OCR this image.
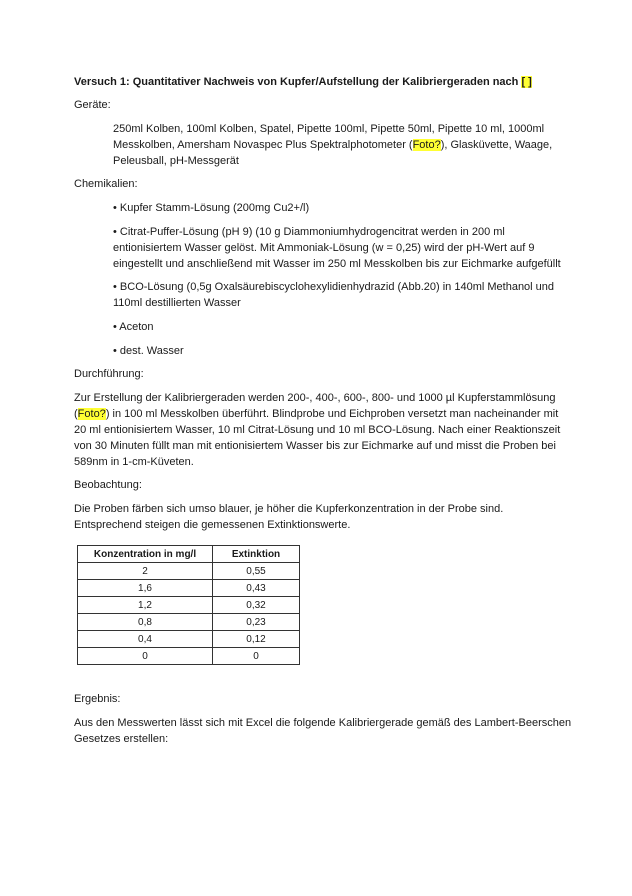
Versuch 1: Quantitativer Nachweis von Kupfer/Aufstellung der Kalibriergeraden nach [ ]
Geräte:
250ml Kolben, 100ml Kolben, Spatel, Pipette 100ml, Pipette 50ml, Pipette 10 ml, 1000ml
Messkolben, Amersham Novaspec Plus Spektralphotometer (Foto?), Glasküvette, Waage,
Peleusball, pH-Messgerät
Chemikalien:
• Kupfer Stamm-Lösung (200mg Cu2+/l)
• Citrat-Puffer-Lösung (pH 9) (10 g Diammoniumhydrogencitrat werden in 200 ml
entionisiertem Wasser gelöst. Mit Ammoniak-Lösung (w = 0,25) wird der pH-Wert auf 9
eingestellt und anschließend mit Wasser im 250 ml Messkolben bis zur Eichmarke aufgefüllt
• BCO-Lösung (0,5g Oxalsäurebiscyclohexylidienhydrazid (Abb.20) in 140ml Methanol und
110ml destillierten Wasser
• Aceton
• dest. Wasser
Durchführung:
Zur Erstellung der Kalibriergeraden werden 200-, 400-, 600-, 800- und 1000 µl Kupferstammlösung
(Foto?) in 100 ml Messkolben überführt. Blindprobe und Eichproben versetzt man nacheinander mit
20 ml entionisiertem Wasser, 10 ml Citrat-Lösung und 10 ml BCO-Lösung. Nach einer Reaktionszeit
von 30 Minuten füllt man mit entionisiertem Wasser bis zur Eichmarke auf und misst die Proben bei
589nm in 1-cm-Küveten.
Beobachtung:
Die Proben färben sich umso blauer, je höher die Kupferkonzentration in der Probe sind.
Entsprechend steigen die gemessenen Extinktionswerte.
Konzentration in mg/l	Extinktion
2	0,55
1,6	0,43
1,2	0,32
0,8	0,23
0,4	0,12
0	0
Ergebnis:
Aus den Messwerten lässt sich mit Excel die folgende Kalibriergerade gemäß des Lambert-Beerschen
Gesetzes erstellen:
